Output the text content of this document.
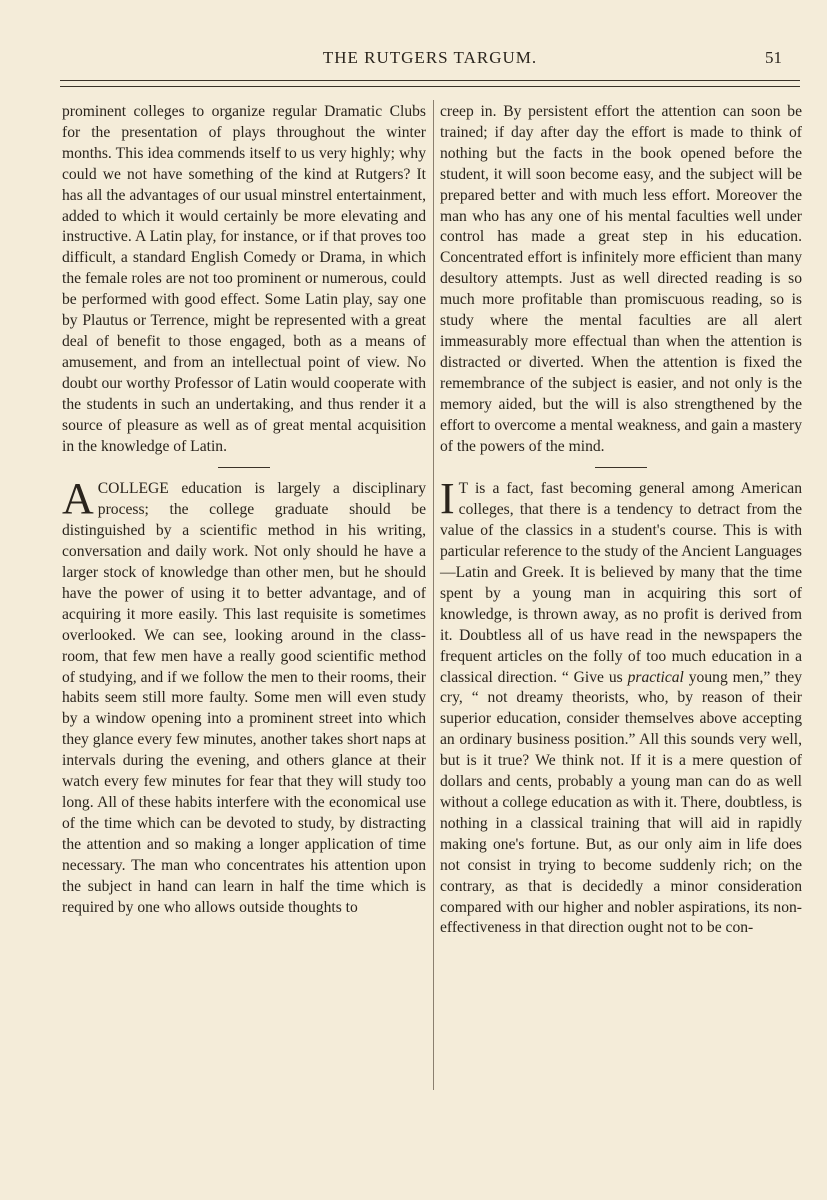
THE RUTGERS TARGUM.	51

prominent colleges to organize regular Dramatic Clubs for the presentation of plays throughout the winter months. This idea commends itself to us very highly; why could we not have something of the kind at Rutgers? It has all the advantages of our usual minstrel entertainment, added to which it would certainly be more elevating and instructive. A Latin play, for instance, or if that proves too difficult, a standard English Comedy or Drama, in which the female roles are not too prominent or numerous, could be performed with good effect. Some Latin play, say one by Plautus or Terrence, might be represented with a great deal of benefit to those engaged, both as a means of amusement, and from an intellectual point of view. No doubt our worthy Professor of Latin would cooperate with the students in such an undertaking, and thus render it a source of pleasure as well as of great mental acquisition in the knowledge of Latin.

ACOLLEGE education is largely a disciplinary process; the college graduate should be distinguished by a scientific method in his writing, conversation and daily work. Not only should he have a larger stock of knowledge than other men, but he should have the power of using it to better advantage, and of acquiring it more easily. This last requisite is sometimes overlooked. We can see, looking around in the class-room, that few men have a really good scientific method of studying, and if we follow the men to their rooms, their habits seem still more faulty. Some men will even study by a window opening into a prominent street into which they glance every few minutes, another takes short naps at intervals during the evening, and others glance at their watch every few minutes for fear that they will study too long. All of these habits interfere with the economical use of the time which can be devoted to study, by distracting the attention and so making a longer application of time necessary. The man who concentrates his attention upon the subject in hand can learn in half the time which is required by one who allows outside thoughts to

creep in. By persistent effort the attention can soon be trained; if day after day the effort is made to think of nothing but the facts in the book opened before the student, it will soon become easy, and the subject will be prepared better and with much less effort. Moreover the man who has any one of his mental faculties well under control has made a great step in his education. Concentrated effort is infinitely more efficient than many desultory attempts. Just as well directed reading is so much more profitable than promiscuous reading, so is study where the mental faculties are all alert immeasurably more effectual than when the attention is distracted or diverted. When the attention is fixed the remembrance of the subject is easier, and not only is the memory aided, but the will is also strengthened by the effort to overcome a mental weakness, and gain a mastery of the powers of the mind.

I T is a fact, fast becoming general among American colleges, that there is a tendency to detract from the value of the classics in a student's course. This is with particular reference to the study of the Ancient Languages—Latin and Greek. It is believed by many that the time spent by a young man in acquiring this sort of knowledge, is thrown away, as no profit is derived from it. Doubtless all of us have read in the newspapers the frequent articles on the folly of too much education in a classical direction. “ Give us practical young men,” they cry, “ not dreamy theorists, who, by reason of their superior education, consider themselves above accepting an ordinary business position.” All this sounds very well, but is it true? We think not. If it is a mere question of dollars and cents, probably a young man can do as well without a college education as with it. There, doubtless, is nothing in a classical training that will aid in rapidly making one's fortune. But, as our only aim in life does not consist in trying to become suddenly rich; on the contrary, as that is decidedly a minor consideration compared with our higher and nobler aspirations, its non-effectiveness in that direction ought not to be con-
